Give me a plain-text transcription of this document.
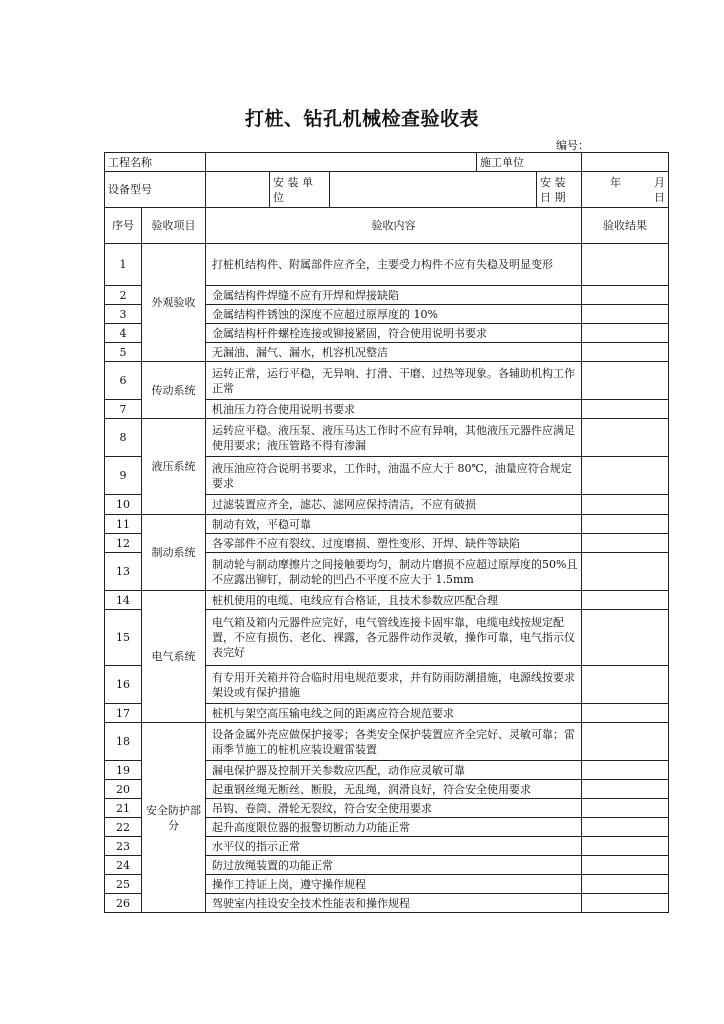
打桩、钻孔机械检查验收表
编号：
工程名称					施工单位		
设备型号			安 装 单 位			安 装 日 期	年　　　月　　日
序号	验收项目	验收内容					验收结果
1	外观验收	打桩机结构件、附属部件应齐全，主要受力构件不应有失稳及明显变形					
2		金属结构件焊缝不应有开焊和焊接缺陷					
3		金属结构件锈蚀的深度不应超过原厚度的 10%					
4		金属结构杆件螺栓连接或铆接紧固，符合使用说明书要求					
5		无漏油、漏气、漏水，机容机况整洁					
6	传动系统	运转正常，运行平稳，无异响、打滑、干磨、过热等现象。各辅助机构工作正常					
7		机油压力符合使用说明书要求					
8	液压系统	运转应平稳。液压泵、液压马达工作时不应有异响，其他液压元器件应满足使用要求；液压管路不得有渗漏					
9		液压油应符合说明书要求，工作时，油温不应大于 80℃，油量应符合规定要求					
10		过滤装置应齐全，滤芯、滤网应保持清洁，不应有破损					
11	制动系统	制动有效，平稳可靠					
12		各零部件不应有裂纹、过度磨损、塑性变形、开焊、缺件等缺陷					
13		制动轮与制动摩擦片之间接触要均匀，制动片磨损不应超过原厚度的50%且不应露出铆钉，制动轮的凹凸不平度不应大于 1.5mm					
14	电气系统	桩机使用的电缆、电线应有合格证，且技术参数应匹配合理					
15		电气箱及箱内元器件应完好，电气管线连接卡固牢靠，电缆电线按规定配置，不应有损伤、老化、裸露，各元器件动作灵敏，操作可靠，电气指示仪表完好					
16		有专用开关箱并符合临时用电规范要求，并有防雨防潮措施，电源线按要求架设或有保护措施					
17		桩机与架空高压输电线之间的距离应符合规范要求					
18	安全防护部分	设备金属外壳应做保护接零；各类安全保护装置应齐全完好、灵敏可靠；雷雨季节施工的桩机应装设避雷装置					
19		漏电保护器及控制开关参数应匹配，动作应灵敏可靠					
20		起重钢丝绳无断丝、断股，无乱绳，润滑良好，符合安全使用要求					
21		吊钩、卷筒、滑轮无裂纹，符合安全使用要求					
22		起升高度限位器的报警切断动力功能正常					
23		水平仪的指示正常					
24		防过放绳装置的功能正常					
25		操作工持证上岗，遵守操作规程					
26		驾驶室内挂设安全技术性能表和操作规程					
